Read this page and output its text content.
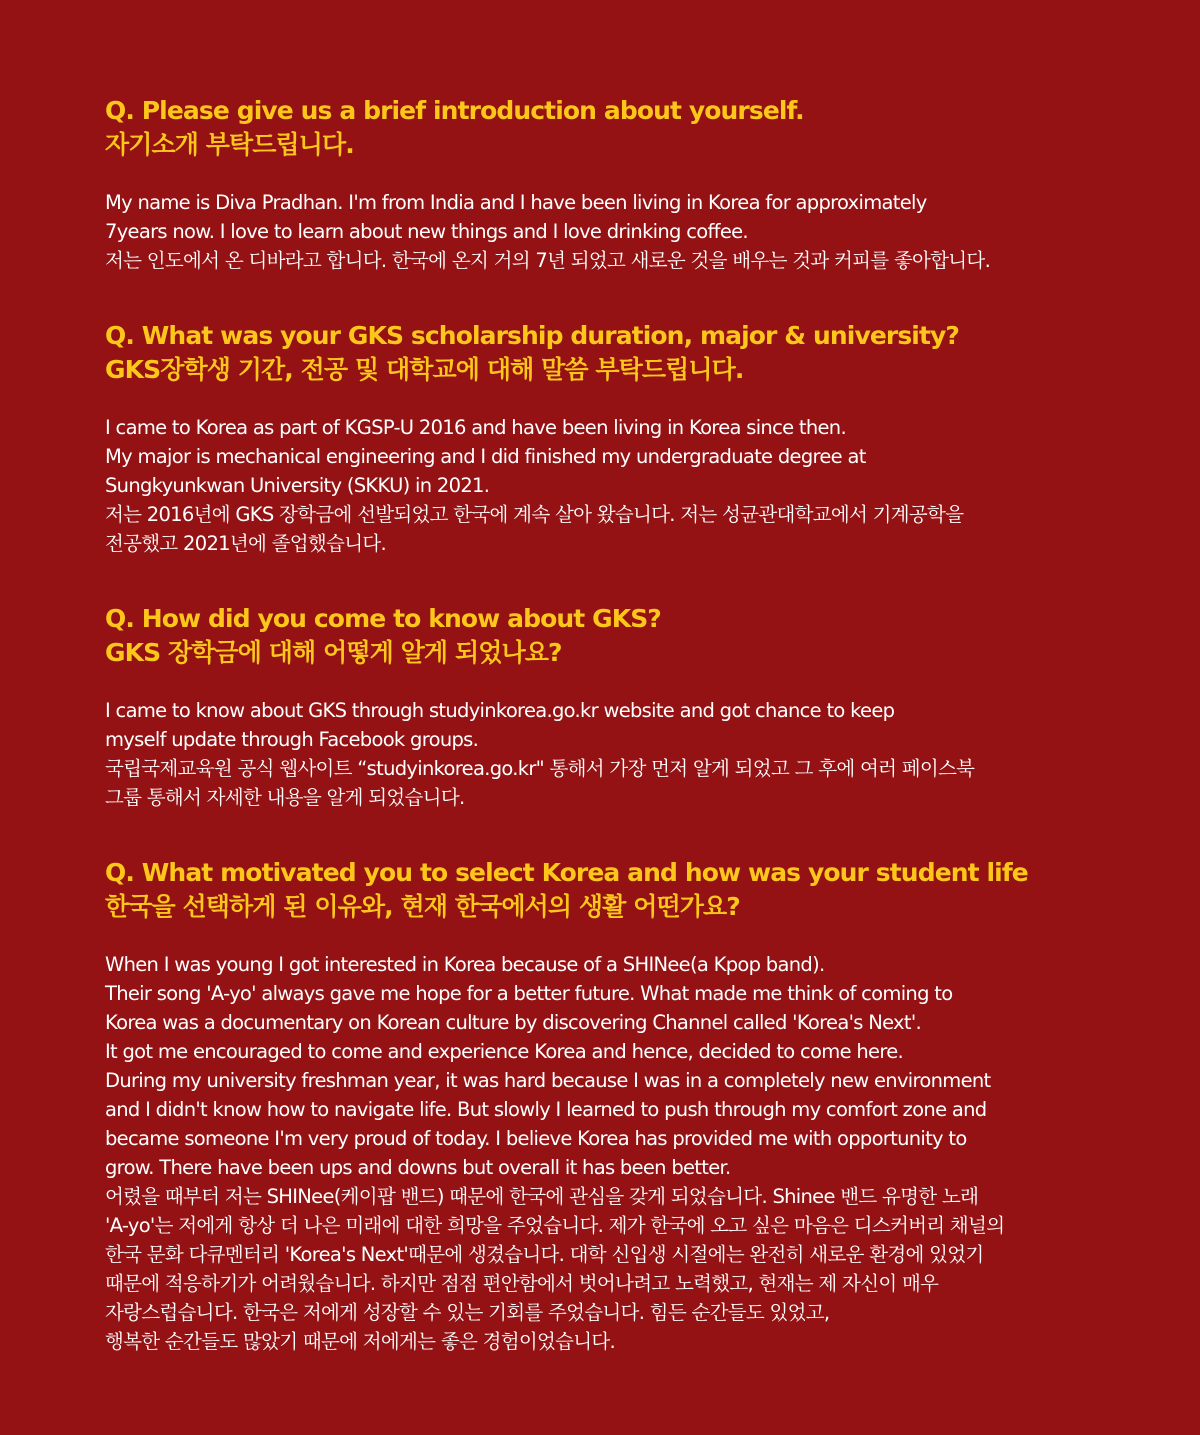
Q. Please give us a brief introduction about yourself.
자기소개 부탁드립니다.
My name is Diva Pradhan. I'm from India and I have been living in Korea for approximately
7years now. I love to learn about new things and I love drinking coffee.
저는 인도에서 온 디바라고 합니다. 한국에 온지 거의 7년 되었고 새로운 것을 배우는 것과 커피를 좋아합니다.
Q. What was your GKS scholarship duration, major & university?
GKS장학생 기간, 전공 및 대학교에 대해 말씀 부탁드립니다.
I came to Korea as part of KGSP-U 2016 and have been living in Korea since then.
My major is mechanical engineering and I did finished my undergraduate degree at
Sungkyunkwan University (SKKU) in 2021.
저는 2016년에 GKS 장학금에 선발되었고 한국에 계속 살아 왔습니다. 저는 성균관대학교에서 기계공학을
전공했고 2021년에 졸업했습니다.
Q. How did you come to know about GKS?
GKS 장학금에 대해 어떻게 알게 되었나요?
I came to know about GKS through studyinkorea.go.kr website and got chance to keep
myself update through Facebook groups.
국립국제교육원 공식 웹사이트 “studyinkorea.go.kr" 통해서 가장 먼저 알게 되었고 그 후에 여러 페이스북
그룹 통해서 자세한 내용을 알게 되었습니다.
Q. What motivated you to select Korea and how was your student life
한국을 선택하게 된 이유와, 현재 한국에서의 생활 어떤가요?
When I was young I got interested in Korea because of a SHINee(a Kpop band).
Their song 'A-yo' always gave me hope for a better future. What made me think of coming to
Korea was a documentary on Korean culture by discovering Channel called 'Korea's Next'.
It got me encouraged to come and experience Korea and hence, decided to come here.
During my university freshman year, it was hard because I was in a completely new environment
and I didn't know how to navigate life. But slowly I learned to push through my comfort zone and
became someone I'm very proud of today. I believe Korea has provided me with opportunity to
grow. There have been ups and downs but overall it has been better.
어렸을 때부터 저는 SHINee(케이팝 밴드) 때문에 한국에 관심을 갖게 되었습니다. Shinee 밴드 유명한 노래
'A-yo'는 저에게 항상 더 나은 미래에 대한 희망을 주었습니다. 제가 한국에 오고 싶은 마음은 디스커버리 채널의
한국 문화 다큐멘터리 'Korea's Next'때문에 생겼습니다. 대학 신입생 시절에는 완전히 새로운 환경에 있었기
때문에 적응하기가 어려웠습니다. 하지만 점점 편안함에서 벗어나려고 노력했고, 현재는 제 자신이 매우
자랑스럽습니다. 한국은 저에게 성장할 수 있는 기회를 주었습니다. 힘든 순간들도 있었고,
행복한 순간들도 많았기 때문에 저에게는 좋은 경험이었습니다.
